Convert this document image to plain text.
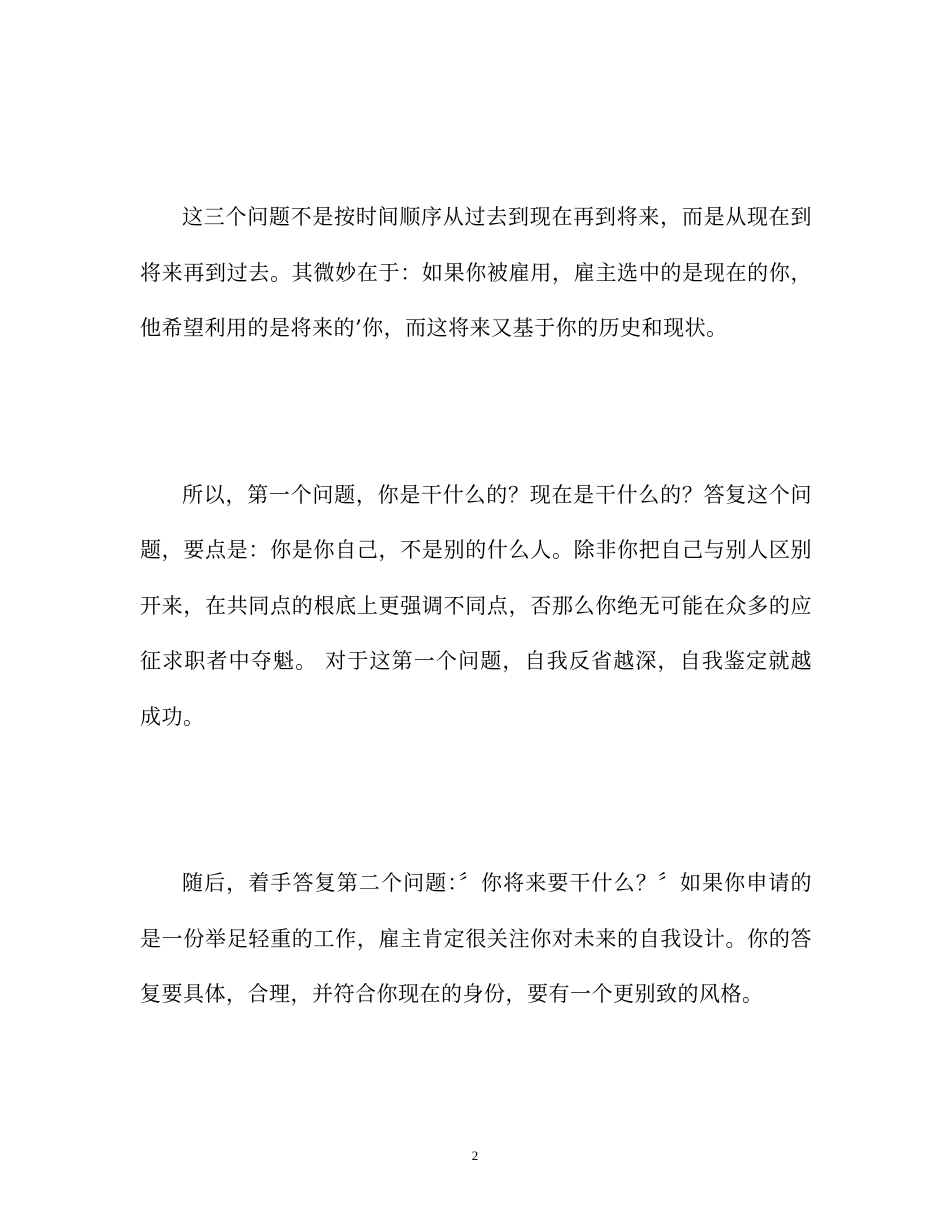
这三个问题不是按时间顺序从过去到现在再到将来，而是从现在到将来再到过去。其微妙在于：如果你被雇用，雇主选中的是现在的你，他希望利用的是将来的’你，而这将来又基于你的历史和现状。

所以，第一个问题，你是干什么的？现在是干什么的？答复这个问题，要点是：你是你自己，不是别的什么人。除非你把自己与别人区别开来，在共同点的根底上更强调不同点，否那么你绝无可能在众多的应征求职者中夺魁。 对于这第一个问题，自我反省越深，自我鉴定就越成功。

随后，着手答复第二个问题：〞你将来要干什么？〞如果你申请的是一份举足轻重的工作，雇主肯定很关注你对未来的自我设计。你的答复要具体，合理，并符合你现在的身份，要有一个更别致的风格。

2
